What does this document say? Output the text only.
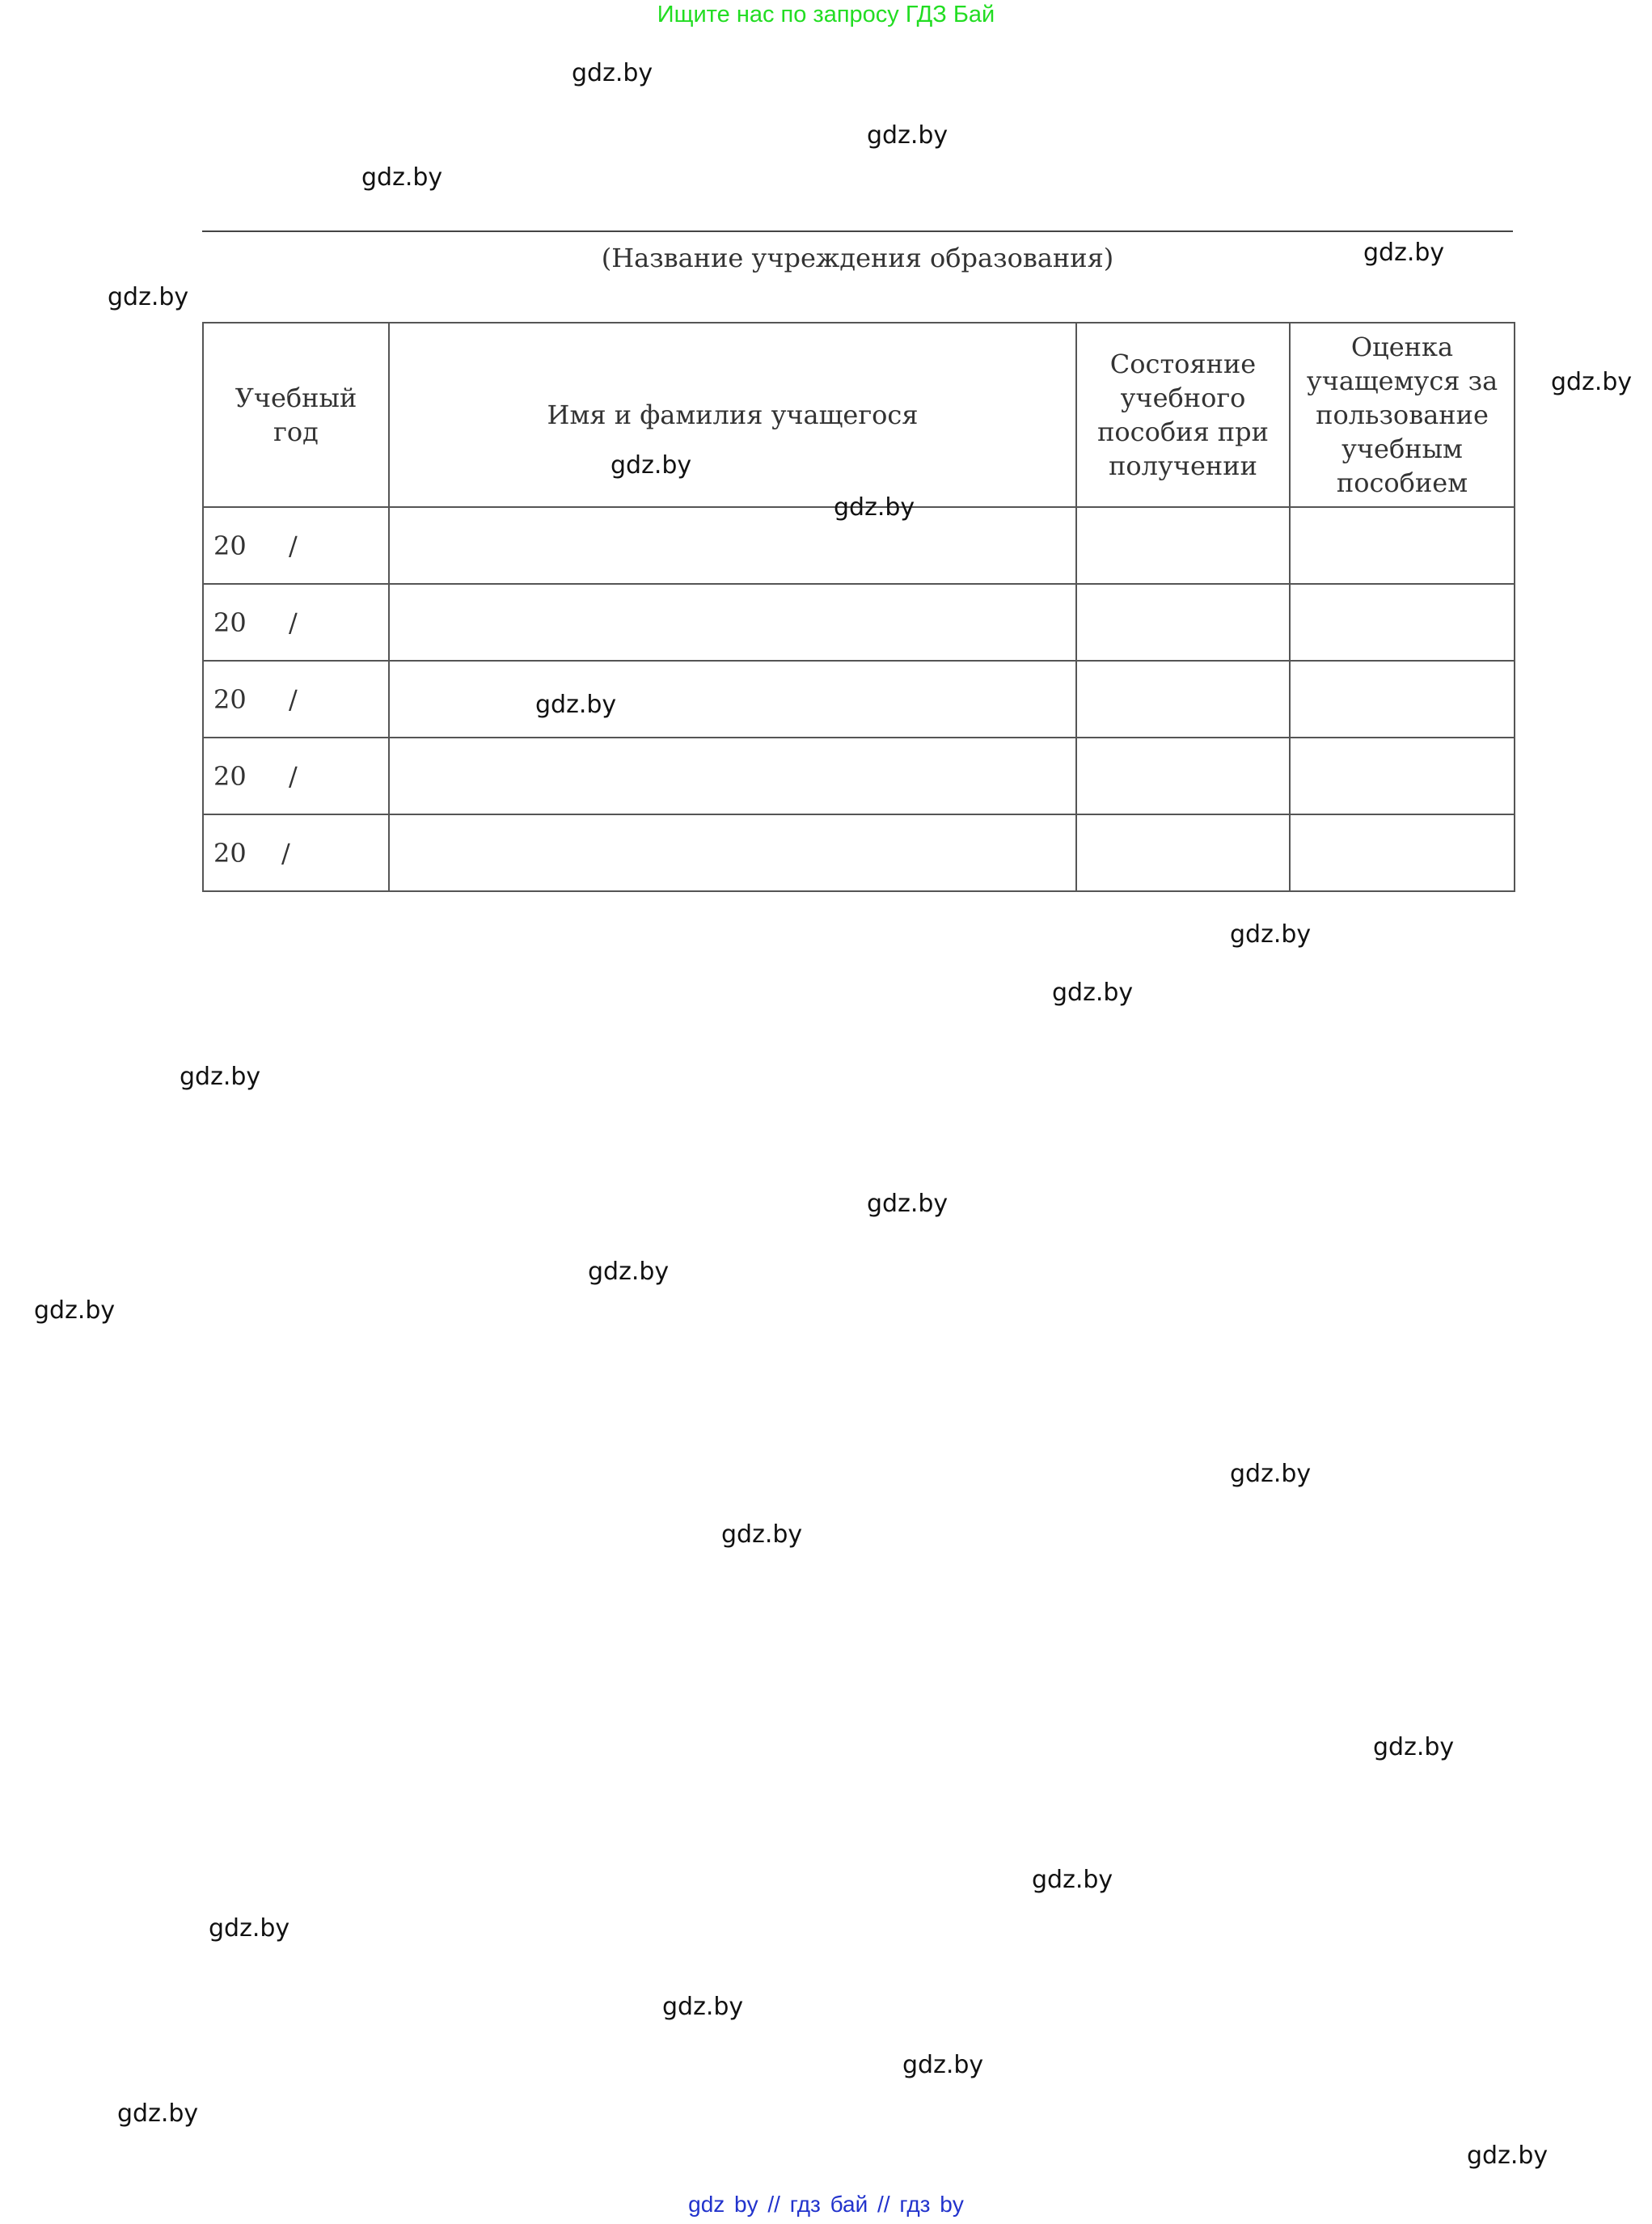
Ищите нас по запросу ГДЗ Бай
gdz.by
gdz.by
gdz.by
gdz.by
gdz.by
gdz.by
gdz.by
gdz.by
gdz.by
gdz.by
gdz.by
gdz.by
gdz.by
gdz.by
gdz.by
gdz.by
gdz.by
gdz.by
gdz.by
gdz.by
gdz.by
gdz.by
gdz.by
gdz.by
(Название учреждения образования)
Учебный год	Имя и фамилия учащегося	Состояние учебного пособия при получении	Оценка учащемуся за пользование учебным пособием
20 /			

20 /			

20 /			

20 /			

20 /			

gdz by // гдз бай // гдз by
